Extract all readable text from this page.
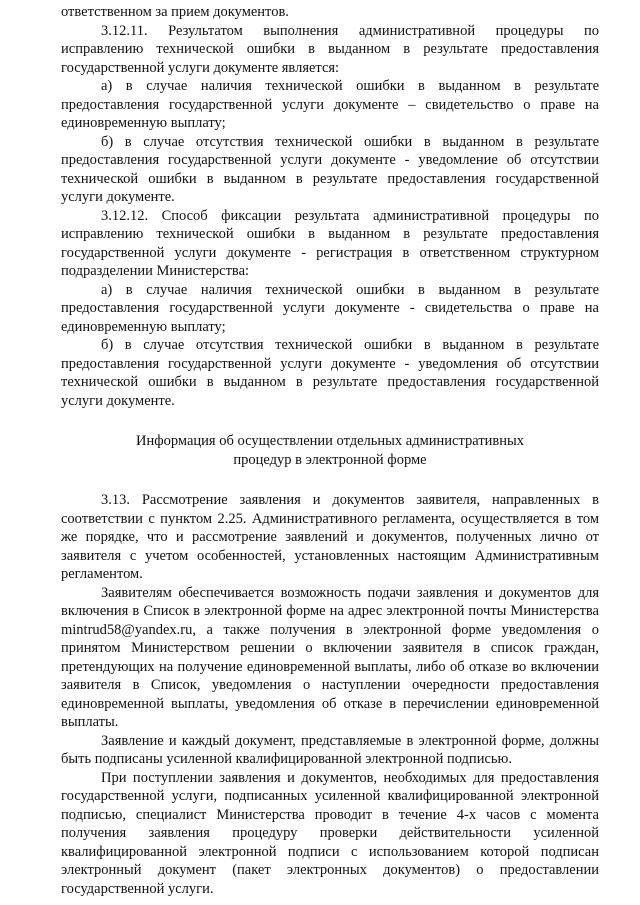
ответственном за прием документов.

3.12.11. Результатом выполнения административной процедуры по исправлению технической ошибки в выданном в результате предоставления государственной услуги документе является:

а) в случае наличия технической ошибки в выданном в результате предоставления государственной услуги документе – свидетельство о праве на единовременную выплату;

б) в случае отсутствия технической ошибки в выданном в результате предоставления государственной услуги документе - уведомление об отсутствии технической ошибки в выданном в результате предоставления государственной услуги документе.

3.12.12. Способ фиксации результата административной процедуры по исправлению технической ошибки в выданном в результате предоставления государственной услуги документе - регистрация в ответственном структурном подразделении Министерства:

а) в случае наличия технической ошибки в выданном в результате предоставления государственной услуги документе - свидетельства о праве на единовременную выплату;

б) в случае отсутствия технической ошибки в выданном в результате предоставления государственной услуги документе - уведомления об отсутствии технической ошибки в выданном в результате предоставления государственной услуги документе.

Информация об осуществлении отдельных административных
процедур в электронной форме

3.13. Рассмотрение заявления и документов заявителя, направленных в соответствии с пунктом 2.25. Административного регламента, осуществляется в том же порядке, что и рассмотрение заявлений и документов, полученных лично от заявителя с учетом особенностей, установленных настоящим Административным регламентом.

Заявителям обеспечивается возможность подачи заявления и документов для включения в Список в электронной форме на адрес электронной почты Министерства mintrud58@yandex.ru, а также получения в электронной форме уведомления о принятом Министерством решении о включении заявителя в список граждан, претендующих на получение единовременной выплаты, либо об отказе во включении заявителя в Список, уведомления о наступлении очередности предоставления единовременной выплаты, уведомления об отказе в перечислении единовременной выплаты.

Заявление и каждый документ, представляемые в электронной форме, должны быть подписаны усиленной квалифицированной электронной подписью.

При поступлении заявления и документов, необходимых для предоставления государственной услуги, подписанных усиленной квалифицированной электронной подписью, специалист Министерства проводит в течение 4-х часов с момента получения заявления процедуру проверки действительности усиленной квалифицированной электронной подписи с использованием которой подписан электронный документ (пакет электронных документов) о предоставлении государственной услуги.
